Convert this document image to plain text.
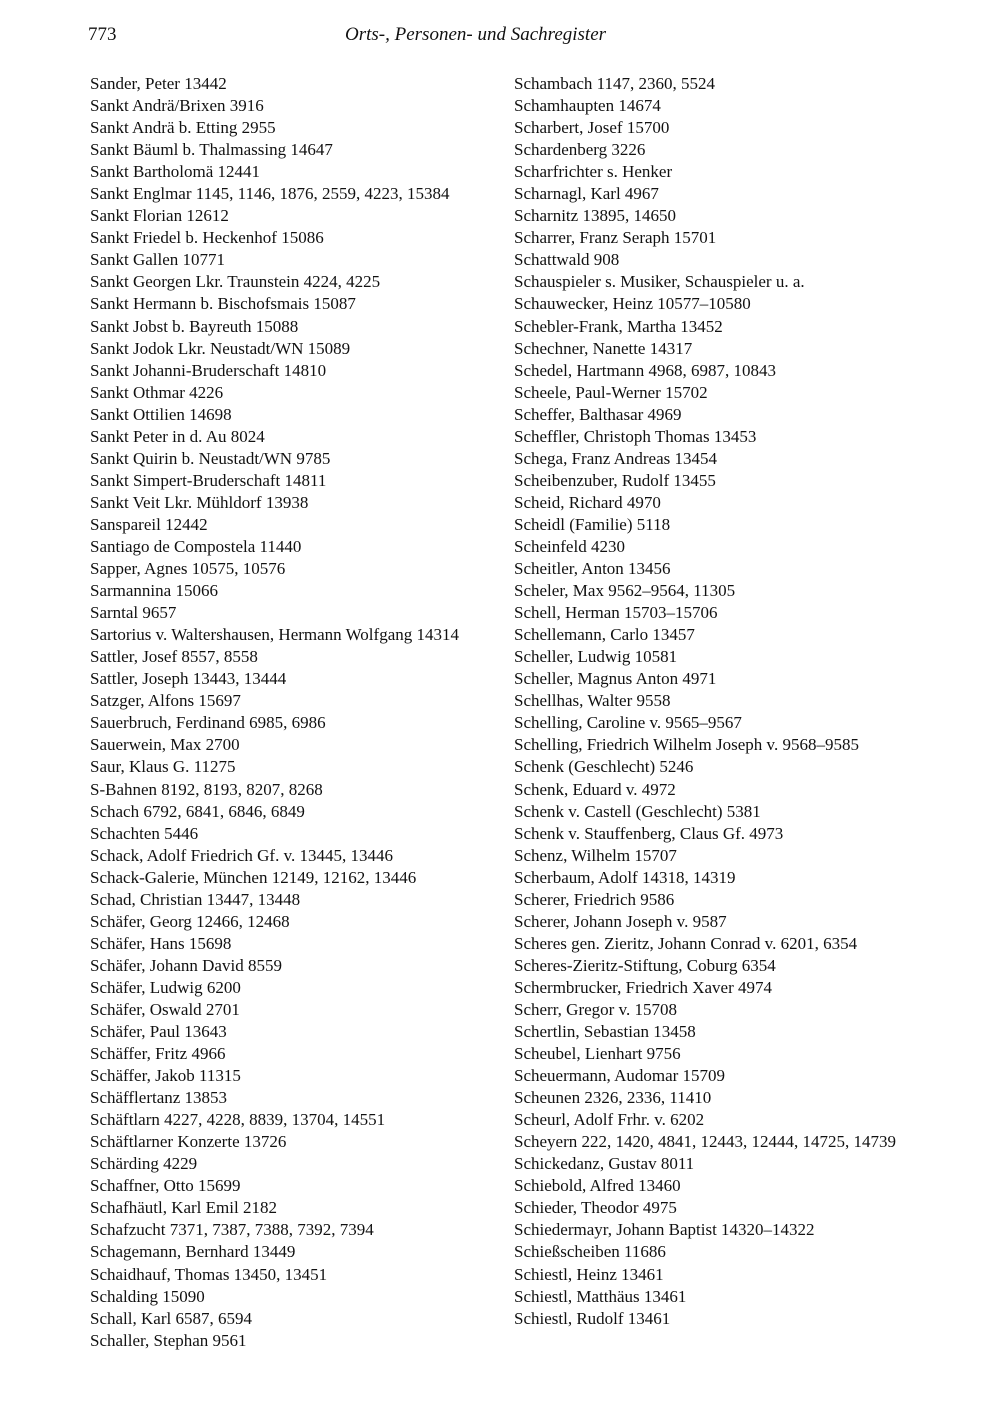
773	Orts-, Personen- und Sachregister

Sander, Peter 13442

Sankt Andrä/Brixen 3916

Sankt Andrä b. Etting 2955

Sankt Bäuml b. Thalmassing 14647

Sankt Bartholomä 12441

Sankt Englmar 1145, 1146, 1876, 2559, 4223, 15384

Sankt Florian 12612

Sankt Friedel b. Heckenhof 15086

Sankt Gallen 10771

Sankt Georgen Lkr. Traunstein 4224, 4225

Sankt Hermann b. Bischofsmais 15087

Sankt Jobst b. Bayreuth 15088

Sankt Jodok Lkr. Neustadt/WN 15089

Sankt Johanni-Bruderschaft 14810

Sankt Othmar 4226

Sankt Ottilien 14698

Sankt Peter in d. Au 8024

Sankt Quirin b. Neustadt/WN 9785

Sankt Simpert-Bruderschaft 14811

Sankt Veit Lkr. Mühldorf 13938

Sanspareil 12442

Santiago de Compostela 11440

Sapper, Agnes 10575, 10576

Sarmannina 15066

Sarntal 9657

Sartorius v. Waltershausen, Hermann Wolfgang 14314

Sattler, Josef 8557, 8558

Sattler, Joseph 13443, 13444

Satzger, Alfons 15697

Sauerbruch, Ferdinand 6985, 6986

Sauerwein, Max 2700

Saur, Klaus G. 11275

S-Bahnen 8192, 8193, 8207, 8268

Schach 6792, 6841, 6846, 6849

Schachten 5446

Schack, Adolf Friedrich Gf. v. 13445, 13446

Schack-Galerie, München 12149, 12162, 13446

Schad, Christian 13447, 13448

Schäfer, Georg 12466, 12468

Schäfer, Hans 15698

Schäfer, Johann David 8559

Schäfer, Ludwig 6200

Schäfer, Oswald 2701

Schäfer, Paul 13643

Schäffer, Fritz 4966

Schäffer, Jakob 11315

Schäfflertanz 13853

Schäftlarn 4227, 4228, 8839, 13704, 14551

Schäftlarner Konzerte 13726

Schärding 4229

Schaffner, Otto 15699

Schafhäutl, Karl Emil 2182

Schafzucht 7371, 7387, 7388, 7392, 7394

Schagemann, Bernhard 13449

Schaidhauf, Thomas 13450, 13451

Schalding 15090

Schall, Karl 6587, 6594

Schaller, Stephan 9561

Schambach 1147, 2360, 5524

Schamhaupten 14674

Scharbert, Josef 15700

Schardenberg 3226

Scharfrichter s. Henker

Scharnagl, Karl 4967

Scharnitz 13895, 14650

Scharrer, Franz Seraph 15701

Schattwald 908

Schauspieler s. Musiker, Schauspieler u. a.

Schauwecker, Heinz 10577–10580

Schebler-Frank, Martha 13452

Schechner, Nanette 14317

Schedel, Hartmann 4968, 6987, 10843

Scheele, Paul-Werner 15702

Scheffer, Balthasar 4969

Scheffler, Christoph Thomas 13453

Schega, Franz Andreas 13454

Scheibenzuber, Rudolf 13455

Scheid, Richard 4970

Scheidl (Familie) 5118

Scheinfeld 4230

Scheitler, Anton 13456

Scheler, Max 9562–9564, 11305

Schell, Herman 15703–15706

Schellemann, Carlo 13457

Scheller, Ludwig 10581

Scheller, Magnus Anton 4971

Schellhas, Walter 9558

Schelling, Caroline v. 9565–9567

Schelling, Friedrich Wilhelm Joseph v. 9568–9585

Schenk (Geschlecht) 5246

Schenk, Eduard v. 4972

Schenk v. Castell (Geschlecht) 5381

Schenk v. Stauffenberg, Claus Gf. 4973

Schenz, Wilhelm 15707

Scherbaum, Adolf 14318, 14319

Scherer, Friedrich 9586

Scherer, Johann Joseph v. 9587

Scheres gen. Zieritz, Johann Conrad v. 6201, 6354

Scheres-Zieritz-Stiftung, Coburg 6354

Schermbrucker, Friedrich Xaver 4974

Scherr, Gregor v. 15708

Schertlin, Sebastian 13458

Scheubel, Lienhart 9756

Scheuermann, Audomar 15709

Scheunen 2326, 2336, 11410

Scheurl, Adolf Frhr. v. 6202

Scheyern 222, 1420, 4841, 12443, 12444, 14725, 14739

Schickedanz, Gustav 8011

Schiebold, Alfred 13460

Schieder, Theodor 4975

Schiedermayr, Johann Baptist 14320–14322

Schießscheiben 11686

Schiestl, Heinz 13461

Schiestl, Matthäus 13461

Schiestl, Rudolf 13461
